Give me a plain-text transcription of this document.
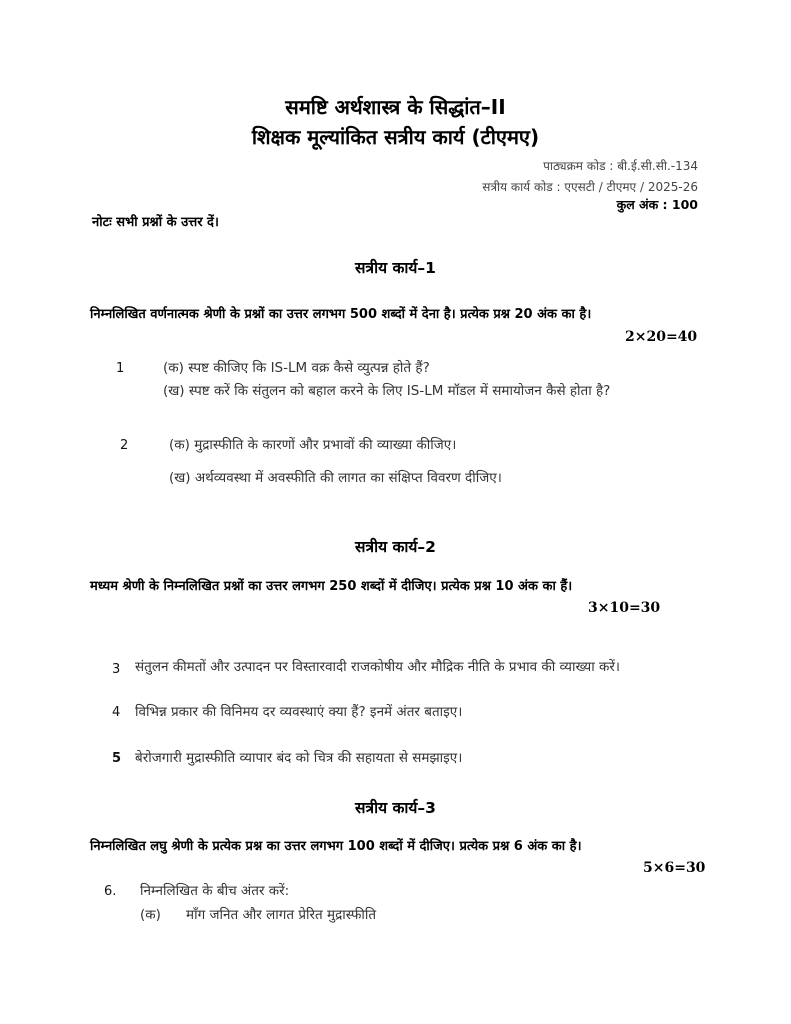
समष्टि अर्थशास्त्र के सिद्धांत–II
शिक्षक मूल्यांकित सत्रीय कार्य (टीएमए)
पाठ्यक्रम कोड : बी.ई.सी.सी.-134
सत्रीय कार्य कोड : एएसटी / टीएमए / 2025-26
कुल अंक : 100
नोटः सभी प्रश्नों के उत्तर दें।
सत्रीय कार्य–1
निम्नलिखित वर्णनात्मक श्रेणी के प्रश्नों का उत्तर लगभग 500 शब्दों में देना है। प्रत्येक प्रश्न 20 अंक का है।
2×20=40
1	(क) स्पष्ट कीजिए कि IS-LM वक्र कैसे व्युत्पन्न होते हैं?
(ख) स्पष्ट करें कि संतुलन को बहाल करने के लिए IS-LM मॉडल में समायोजन कैसे होता है?
2	(क) मुद्रास्फीति के कारणों और प्रभावों की व्याख्या कीजिए।
(ख) अर्थव्यवस्था में अवस्फीति की लागत का संक्षिप्त विवरण दीजिए।
सत्रीय कार्य–2
मध्यम श्रेणी के निम्नलिखित प्रश्नों का उत्तर लगभग 250 शब्दों में दीजिए। प्रत्येक प्रश्न 10 अंक का हैं।
3×10=30
3 संतुलन कीमतों और उत्पादन पर विस्तारवादी राजकोषीय और मौद्रिक नीति के प्रभाव की व्याख्या करें।
4 विभिन्न प्रकार की विनिमय दर व्यवस्थाएं क्या हैं? इनमें अंतर बताइए।
5 बेरोजगारी मुद्रास्फीति व्यापार बंद को चित्र की सहायता से समझाइए।
सत्रीय कार्य–3
निम्नलिखित लघु श्रेणी के प्रत्येक प्रश्न का उत्तर लगभग 100 शब्दों में दीजिए। प्रत्येक प्रश्न 6 अंक का है।
5×6=30
6. निम्नलिखित के बीच अंतर करें:
(क) माँग जनित और लागत प्रेरित मुद्रास्फीति
